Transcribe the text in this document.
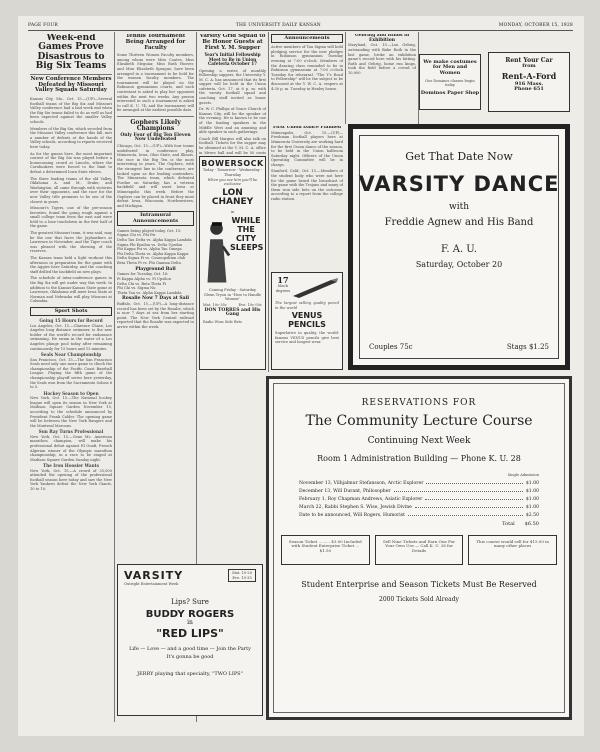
PAGE FOUR	THE UNIVERSITY DAILY KANSAN	MONDAY, OCTOBER 15, 1928
Week-end Games Prove Disastrous to Big Six Teams
New Conference Members Defeated by Missouri Valley Squads Saturday

Kansas City, Mo., Oct. 15.—(UP)—Several football teams of the Big Six and Missouri Valley conference had a bad week end when the Big Six teams failed to do as well as had been expected against the smaller Valley schools.

Members of the Big Six, which seceded from the Missouri Valley conference this fall, met a number of defeats at the hands of the Valley schools, according to reports received here today.

As for the games here, the most important contest of the Big Six was played before a homecoming crowd at Lincoln, where the Cornhuskers were forced to the limit to defeat a determined Iowa State eleven.

The three leading teams of the old Valley, Oklahoma A. and M., Drake, and Washington, all came through with victories over their opponents, and the race for the new Valley title promises to be one of the closest in years.

Missouri's Tigers, one of the pre-season favorites, found the going rough against a small college team from the east and were held to a lone touchdown in the first half of the game.

The greatest Missouri team, it was said, may be the one that faces the Jayhawkers at Lawrence in November, and the Tiger coach was pleased with the showing of the reserves.

The Kansas team held a light workout this afternoon in preparation for the game with the Aggies here Saturday, and the coaching staff drilled the backfield on new plays.

The schedule of intra-conference games in the Big Six will get under way this week. In addition to the Kansas-Kansas State game at Lawrence, Oklahoma will meet Iowa State at Norman and Nebraska will play Missouri at Columbia.

Sport Shots
Going 15 Hours for Record

Los Angeles, Oct. 15.—Clarence Chase, Los Angeles long distance swimmer, is the new holder of the world's record for endurance swimming. He swam in the water of a Los Angeles plunge pool today after remaining continuously for 15 hours and 13 minutes.

Seals Near Championship

San Francisco, Oct. 15.—The San Francisco Seals need only one more game to clinch the championship of the Pacific Coast Baseball League. Playing the fifth game of the championship playoff series here yesterday, the Seals won from the Sacramento Solons 6 to 5.

Hockey Season to Open

New York, Oct. 15.—The National hockey league will open its season in New York at Madison Square Garden November 15, according to the schedule announced by President Frank Calder. The opening game will be between the New York Rangers and the Montreal Maroons.

Sun Ray Turns Professional

New York, Oct. 15.—Gene Mc. American marathon champion, will make his professional debut against El Ouafi, French Algerian winner of the Olympic marathon championship, in a race to be staged at Madison Square Garden Sunday night.

The Iron Hoosier Wants

New York, Oct. 15.—A crowd of 35,000 attended the opening of the professional football season here today and saw the New York Yankees defeat the New York Giants, 10 to 10.

Tennis Tournament Being Arranged for Faculty
Some Thirteen Women Faculty members, among whom were Miss Coates, Miss Elizabeth Meguiar, Miss Ruth Hoover, and Miss Elizabeth Sprague, have been arranged in a tournament to be held for the women faculty members. The tournament will be played on the Robinson gymnasium courts, and each contestant is asked to play her opponent within the next two weeks. Any person interested in such a tournament is asked to call K. U. 74, and the tournament will be arranged at the earliest possible date.
Gophers Likely Champions
Only Four of Big Ten Eleven Now Undefeated
Chicago, Oct. 15.—(UP)—With four teams undefeated in conference play, Minnesota, Iowa, Ohio State, and Illinois, the race in the Big Ten is the most interesting in years. The Gophers, with the strongest line in the conference, are looked upon as the leading contenders. The Minnesota team, which defeated Purdue on Saturday, has a veteran backfield and will meet Iowa at Minneapolis this week. Before the Gophers can be placed in front they must defeat Iowa, Wisconsin, Northwestern, and Michigan.
Intramural Announcements
Games being played today, Oct. 15:
Sigma Chi vs. Phi Psi
Delta Tau Delta vs. Alpha Kappa Lambda
Sigma Phi Epsilon vs. Delta Upsilon
Phi Kappa Psi vs. Alpha Tau Omega
Phi Delta Theta vs. Alpha Kappa Kappa
Delta Sigma Pi vs. Cosmopolitan club
Beta Theta Pi vs. Phi Gamma Delta
Playground Ball
Games for Tuesday, Oct. 16:
Pi Kappa Alpha vs. Pi Upsilon
Delta Chi vs. Beta Theta Pi
Phi Chi vs. Sigma Nu
Theta Tau vs. Alpha Kappa Lambda
Rosalie Now 7 Days at Sail
Buffalo, Oct. 15.—(UP)—A long-distance record has been set by the Rosalie, which is now 7 days at sea from her starting point. The New York Central railroad reported that the Rosalie was expected to arrive within the week.
Varsity Grid Squad to Be Honor Guests at First Y. M. Supper
Year's Initial Fellowship Meet to Be in Union Cafeteria October 17

Opening a series of monthly fellowship suppers, the University Y. M. C. A. has announced that its first supper will be held in the Union cafeteria, Oct. 17, at 6 p. m. with the varsity football squad and coaching staff invited as honor guests.

Dr. W. C. Phillips of Grace Church of Kansas City, will be the speaker of the evening. He is known to be one of the leading speakers in the Middle West and an amusing and able speaker in such gatherings.

Coach Bill Hargiss will also talk on football. Tickets for the supper may be obtained at the Y. M. C. A. office in Myers hall and will be 50 cents

BOWERSOCK
Today - Tomorrow - Wednesday - Thursday
When you see him you'll be exclusive
LON CHANEY
in
WHILE THE CITY SLEEPS
Coming Friday - Saturday
Glenn Tryon in "How to Handle Women"
Mat. 10c-35c	Eve. 10c-50c
DON TORRES and His Gang
Radio Wins Side Bets
Announcements
Active members of Tau Sigma will hold pledging service for the new pledges in Robinson gymnasium Tuesday evening at 7:00 o'clock. Members of the dancing class reminded to be in Robinson gymnasium at 7:00 o'clock Tuesday for rehearsal. "The Y's Road to Fellowship" will be the subject to be discussed at the Y. W. C. A. vespers at 4:30 p. m. Tuesday in Henley house.
Gebring and Hinds in Exhibition
Maryland, Oct. 15.—Lou Gehrig, outstanding with Babe Ruth in the last game, broke an exhibition game's record here with his hitting. Ruth and Gehrig, home run kings, took the field before a crowd of 10,000.
We make costumes for Men and Women
Our Dominos classes begin today
Dominos Paper Shop
Rent Your Car
from
Rent-A-Ford
916 Mass.
Phone 651
First Union Dance Planned
Minneapolis, Oct. 15.—(UP)—Freshman football players here at Minnesota University are working hard for the first Union dance of the season, to be held in the Union ballroom Saturday night. Officers of the Union Operating Committee will be in charge.
Stanford, Calif., Oct. 15.—Members of the student body who were not here for the game heard the broadcast of the game with the Trojans and many of them won side bets on the outcome, according to a report from the college radio station.
17
black degrees
The largest selling quality pencil in the world
VENUS PENCILS
Superlative in quality, the world-famous VENUS pencils give best service and longest wear.
Get That Date Now
VARSITY DANCE
with
Freddie Agnew and His Band
F. A. U.
Saturday, October 20
Couples 75c	Stags $1.25
VARSITY
Outright Entertainment Week
Mat. 10-20
Eve. 10-35
Lips? Sure
BUDDY ROGERS
in
"RED LIPS"
Life — Love — and a good time — Join the Party
It's gonna be good
JERRY playing that specialty, "TWO LIPS"
RESERVATIONS FOR
The Community Lecture Course
Continuing Next Week
Room 1 Administration Building — Phone K. U. 28
Single Admission
November 13, Vilhjalmur Stefansson, Arctic Explorer	$1.00
December 13, Will Durant, Philosopher	$1.00
February 1, Roy Chapman Andrews, Asiatic Explorer	$1.00
March 22, Rabbi Stephen S. Wise, Jewish Divine	$1.00
Date to be announced, Will Rogers, Humorist	$2.50
Total $6.50
Season Ticket ......... $3.00 Included with Student Enterprise Ticket ... $1.50
Sell Nine Tickets and Earn One For Your Own Use — Call K. U. 28 for Details
This course would sell for $15.00 in many other places
Student Enterprise and Season Tickets Must Be Reserved
2000 Tickets Sold Already
